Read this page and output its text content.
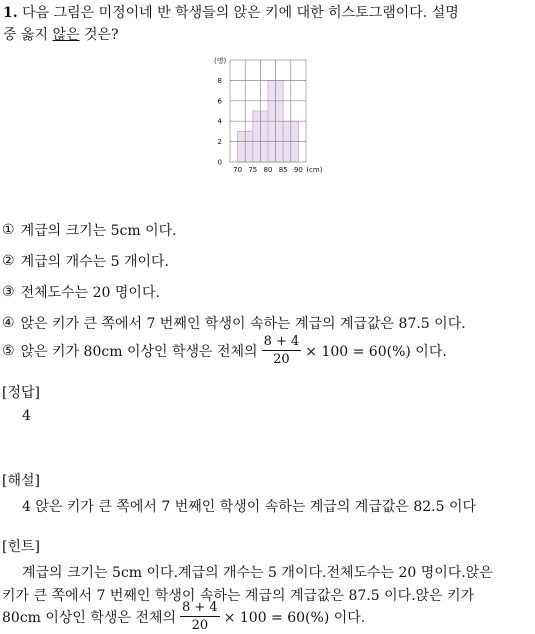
1. 다음 그림은 미정이네 반 학생들의 앉은 키에 대한 히스토그램이다. 설명
중 옳지 않은 것은?
0
2
4
6
8
(명)
70 75 80 85 90 (cm)
① 계급의 크기는 5cm 이다.
② 계급의 개수는 5 개이다.
③ 전체도수는 20 명이다.
④ 앉은 키가 큰 쪽에서 7 번째인 학생이 속하는 계급의 계급값은 87.5 이다.
⑤ 앉은 키가 80cm 이상인 학생은 전체의 $\frac{8 + 4}{20} \times 100 = 60(\%)$ 이다.
[정답]
4
[해설]
4 앉은 키가 큰 쪽에서 7 번째인 학생이 속하는 계급의 계급값은 82.5 이다
[힌트]
계급의 크기는 5cm 이다.계급의 개수는 5 개이다.전체도수는 20 명이다.앉은
키가 큰 쪽에서 7 번째인 학생이 속하는 계급의 계급값은 87.5 이다.앉은 키가
80cm 이상인 학생은 전체의 $\frac{8 + 4}{20} \times 100 = 60(\%)$ 이다.
